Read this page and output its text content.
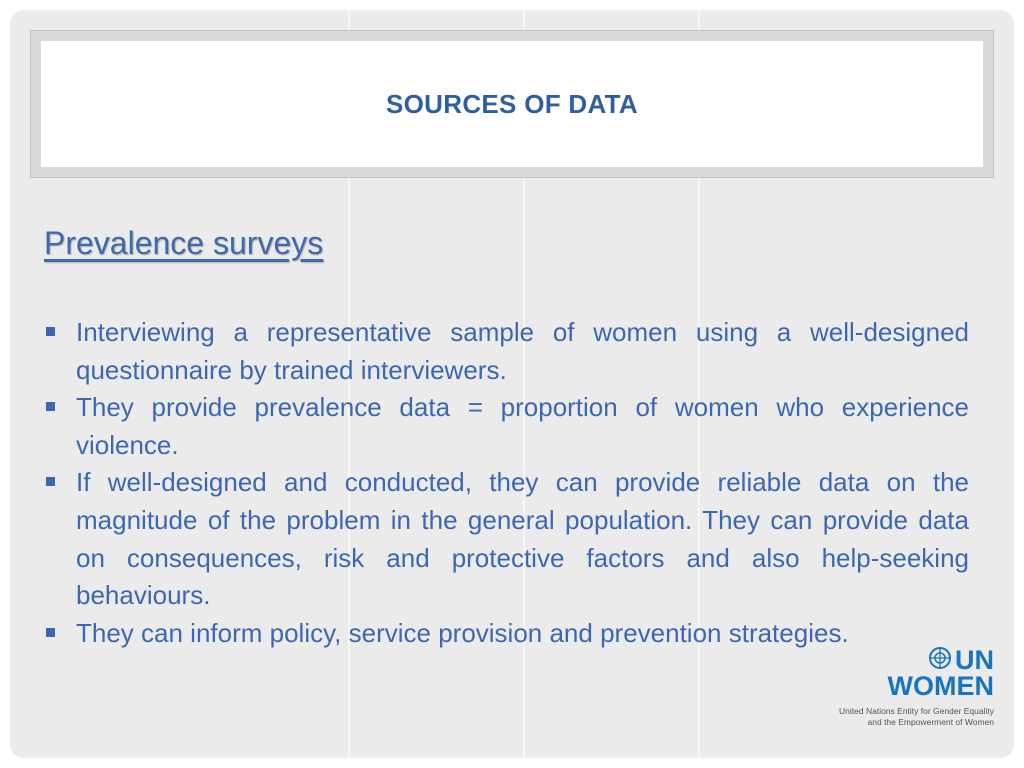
SOURCES OF DATA
Prevalence surveys
Interviewing a representative sample of women using a well-designed questionnaire by trained interviewers.
They provide prevalence data = proportion of women who experience violence.
If well-designed and conducted, they can provide reliable data on the magnitude of the problem in the general population. They can provide data on consequences, risk and protective factors and also help-seeking behaviours.
They can inform policy, service provision and prevention strategies.
UN
WOMEN
United Nations Entity for Gender Equality
and the Empowerment of Women
